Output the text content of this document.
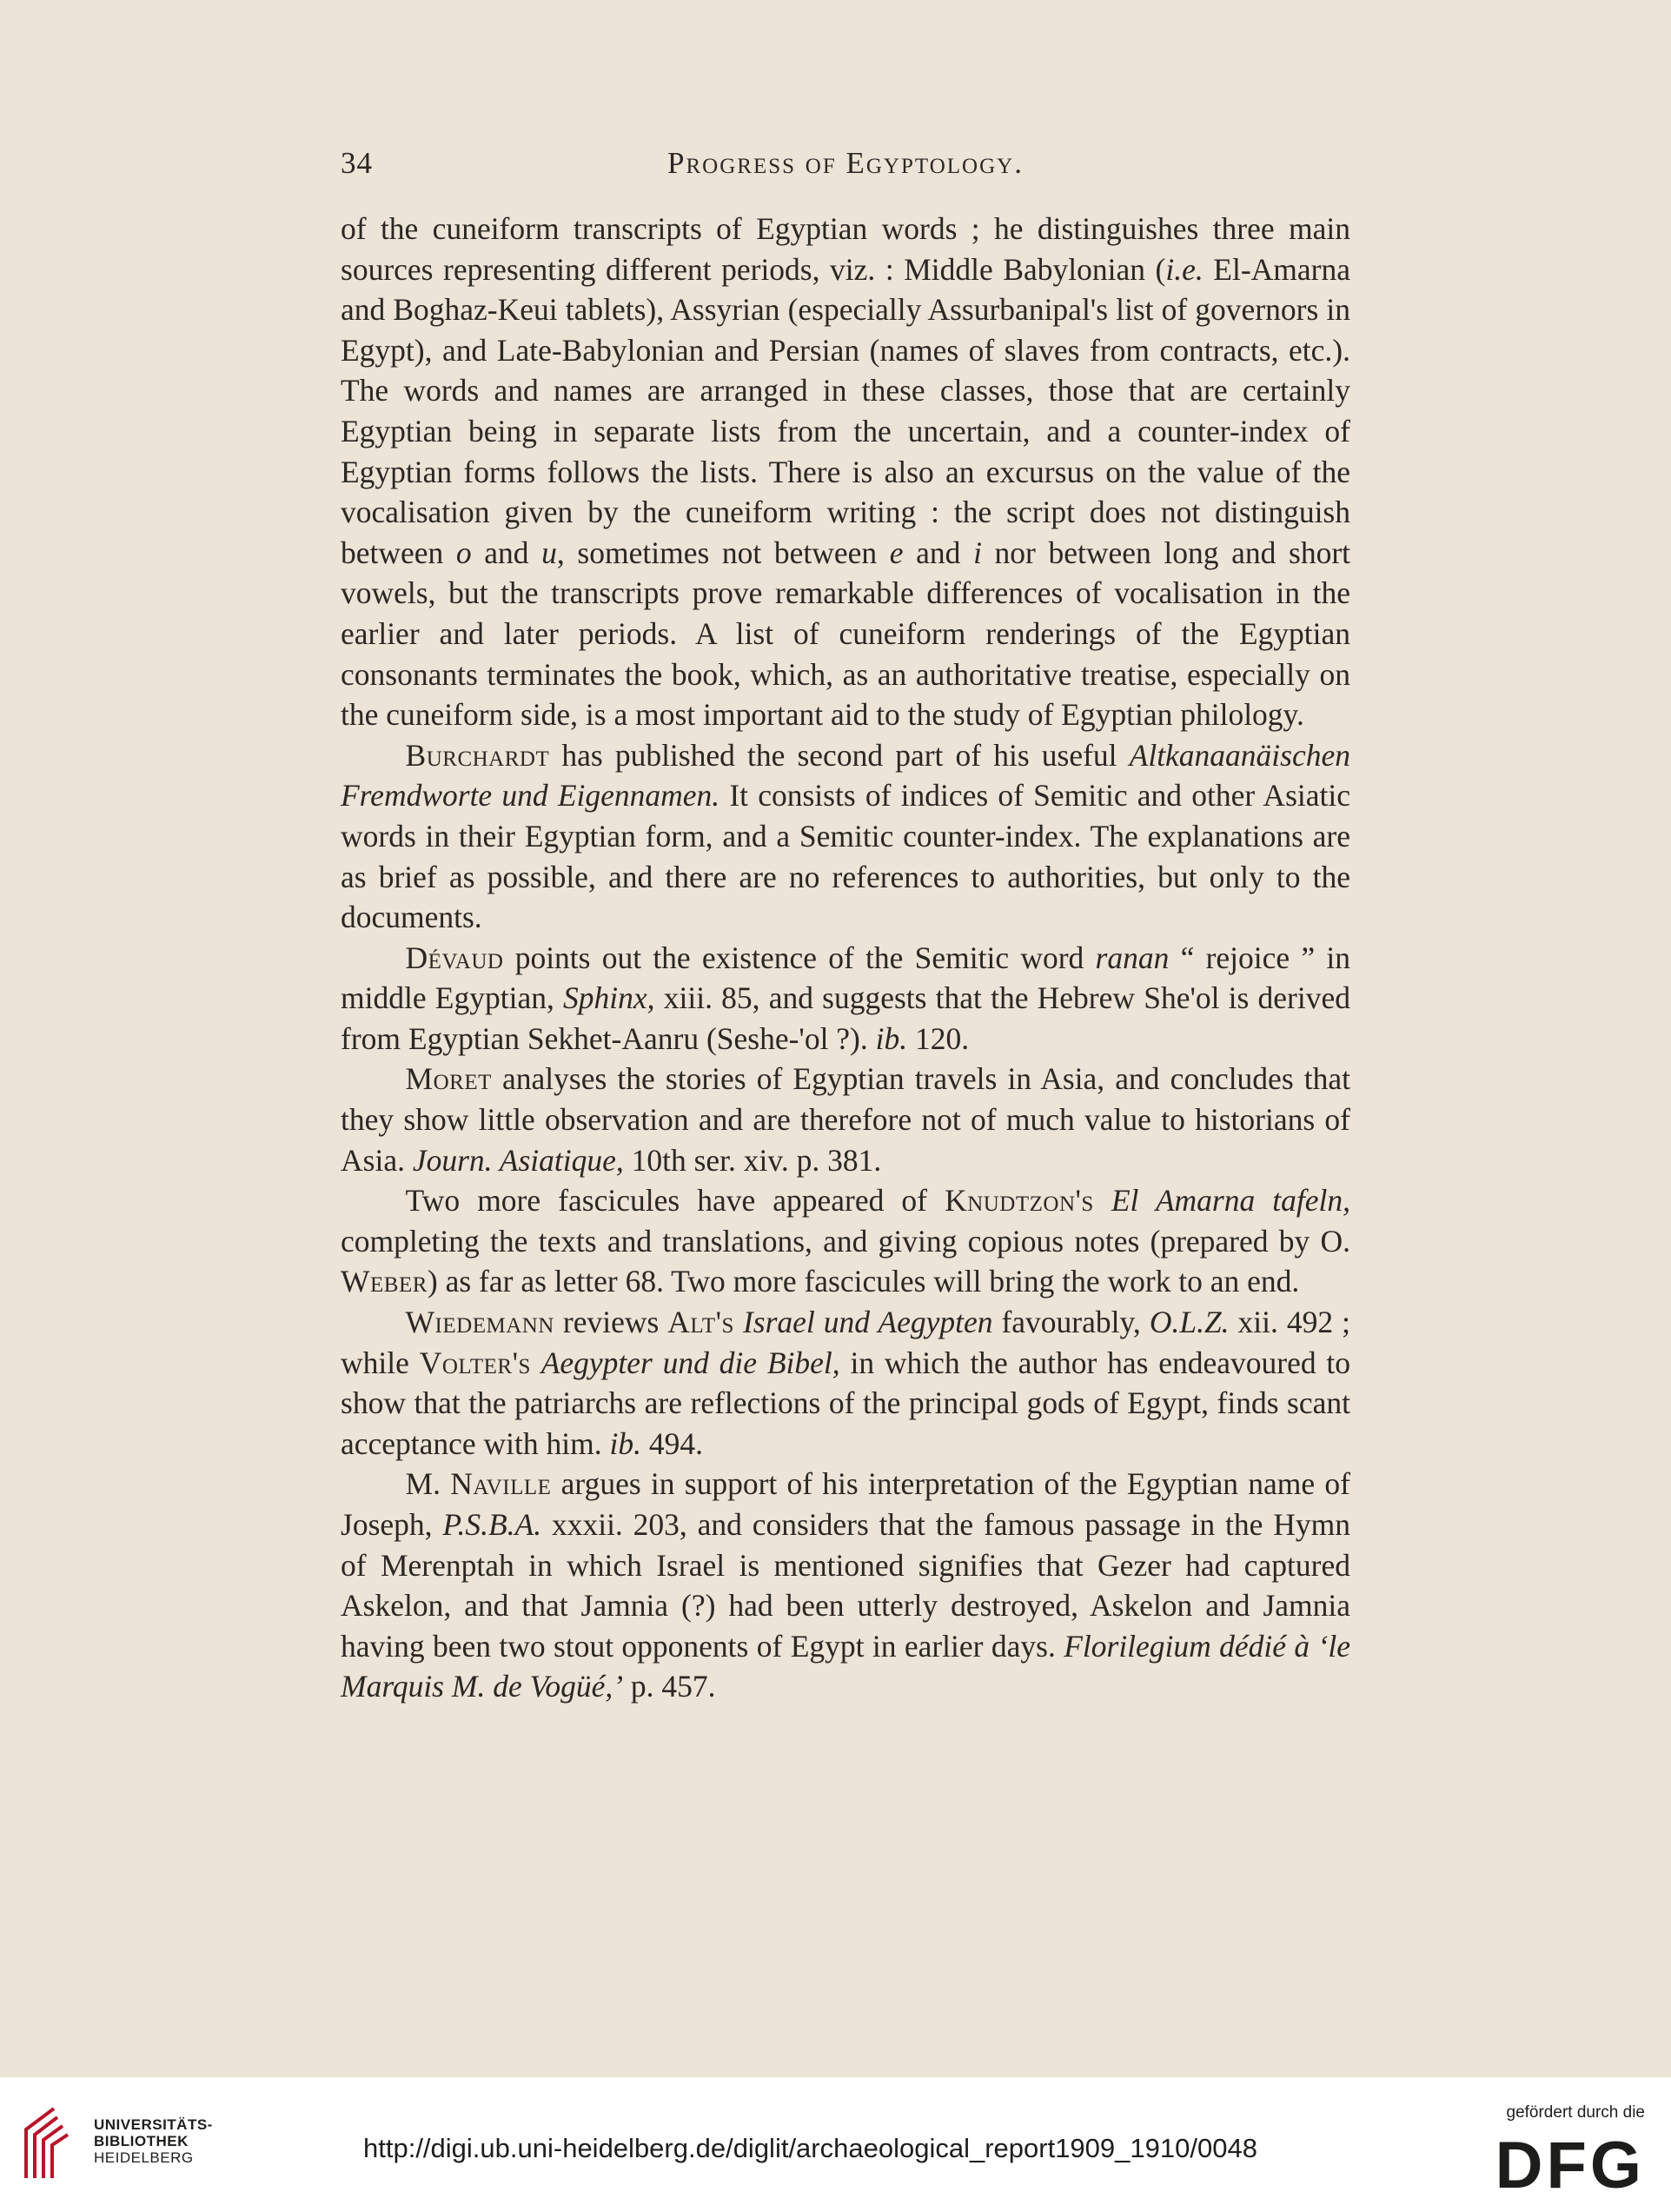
34	Progress of Egyptology.

of the cuneiform transcripts of Egyptian words ; he distinguishes three main sources representing different periods, viz. : Middle Babylonian (i.e. El-Amarna and Boghaz-Keui tablets), Assyrian (especially Assurbanipal's list of governors in Egypt), and Late-Babylonian and Persian (names of slaves from contracts, etc.). The words and names are arranged in these classes, those that are certainly Egyptian being in separate lists from the uncertain, and a counter-index of Egyptian forms follows the lists. There is also an excursus on the value of the vocalisation given by the cuneiform writing : the script does not distinguish between o and u, sometimes not between e and i nor between long and short vowels, but the transcripts prove remarkable differences of vocalisation in the earlier and later periods. A list of cuneiform renderings of the Egyptian consonants terminates the book, which, as an authoritative treatise, especially on the cuneiform side, is a most important aid to the study of Egyptian philology.

Burchardt has published the second part of his useful Altkanaanäischen Fremdworte und Eigennamen. It consists of indices of Semitic and other Asiatic words in their Egyptian form, and a Semitic counter-index. The explanations are as brief as possible, and there are no references to authorities, but only to the documents.

Dévaud points out the existence of the Semitic word ranan “ rejoice ” in middle Egyptian, Sphinx, xiii. 85, and suggests that the Hebrew She'ol is derived from Egyptian Sekhet-Aanru (Seshe-'ol ?). ib. 120.

Moret analyses the stories of Egyptian travels in Asia, and concludes that they show little observation and are therefore not of much value to historians of Asia. Journ. Asiatique, 10th ser. xiv. p. 381.

Two more fascicules have appeared of Knudtzon's El Amarna tafeln, completing the texts and translations, and giving copious notes (prepared by O. Weber) as far as letter 68. Two more fascicules will bring the work to an end.

Wiedemann reviews Alt's Israel und Aegypten favourably, O.L.Z. xii. 492 ; while Volter's Aegypter und die Bibel, in which the author has endeavoured to show that the patriarchs are reflections of the principal gods of Egypt, finds scant acceptance with him. ib. 494.

M. Naville argues in support of his interpretation of the Egyptian name of Joseph, P.S.B.A. xxxii. 203, and considers that the famous passage in the Hymn of Merenptah in which Israel is mentioned signifies that Gezer had captured Askelon, and that Jamnia (?) had been utterly destroyed, Askelon and Jamnia having been two stout opponents of Egypt in earlier days. Florilegium dédié à ‘le Marquis M. de Vogüé,’ p. 457.

UNIVERSITÄTS-
BIBLIOTHEK
HEIDELBERG	http://digi.ub.uni-heidelberg.de/diglit/archaeological_report1909_1910/0048
gefördert durch die
DFG
